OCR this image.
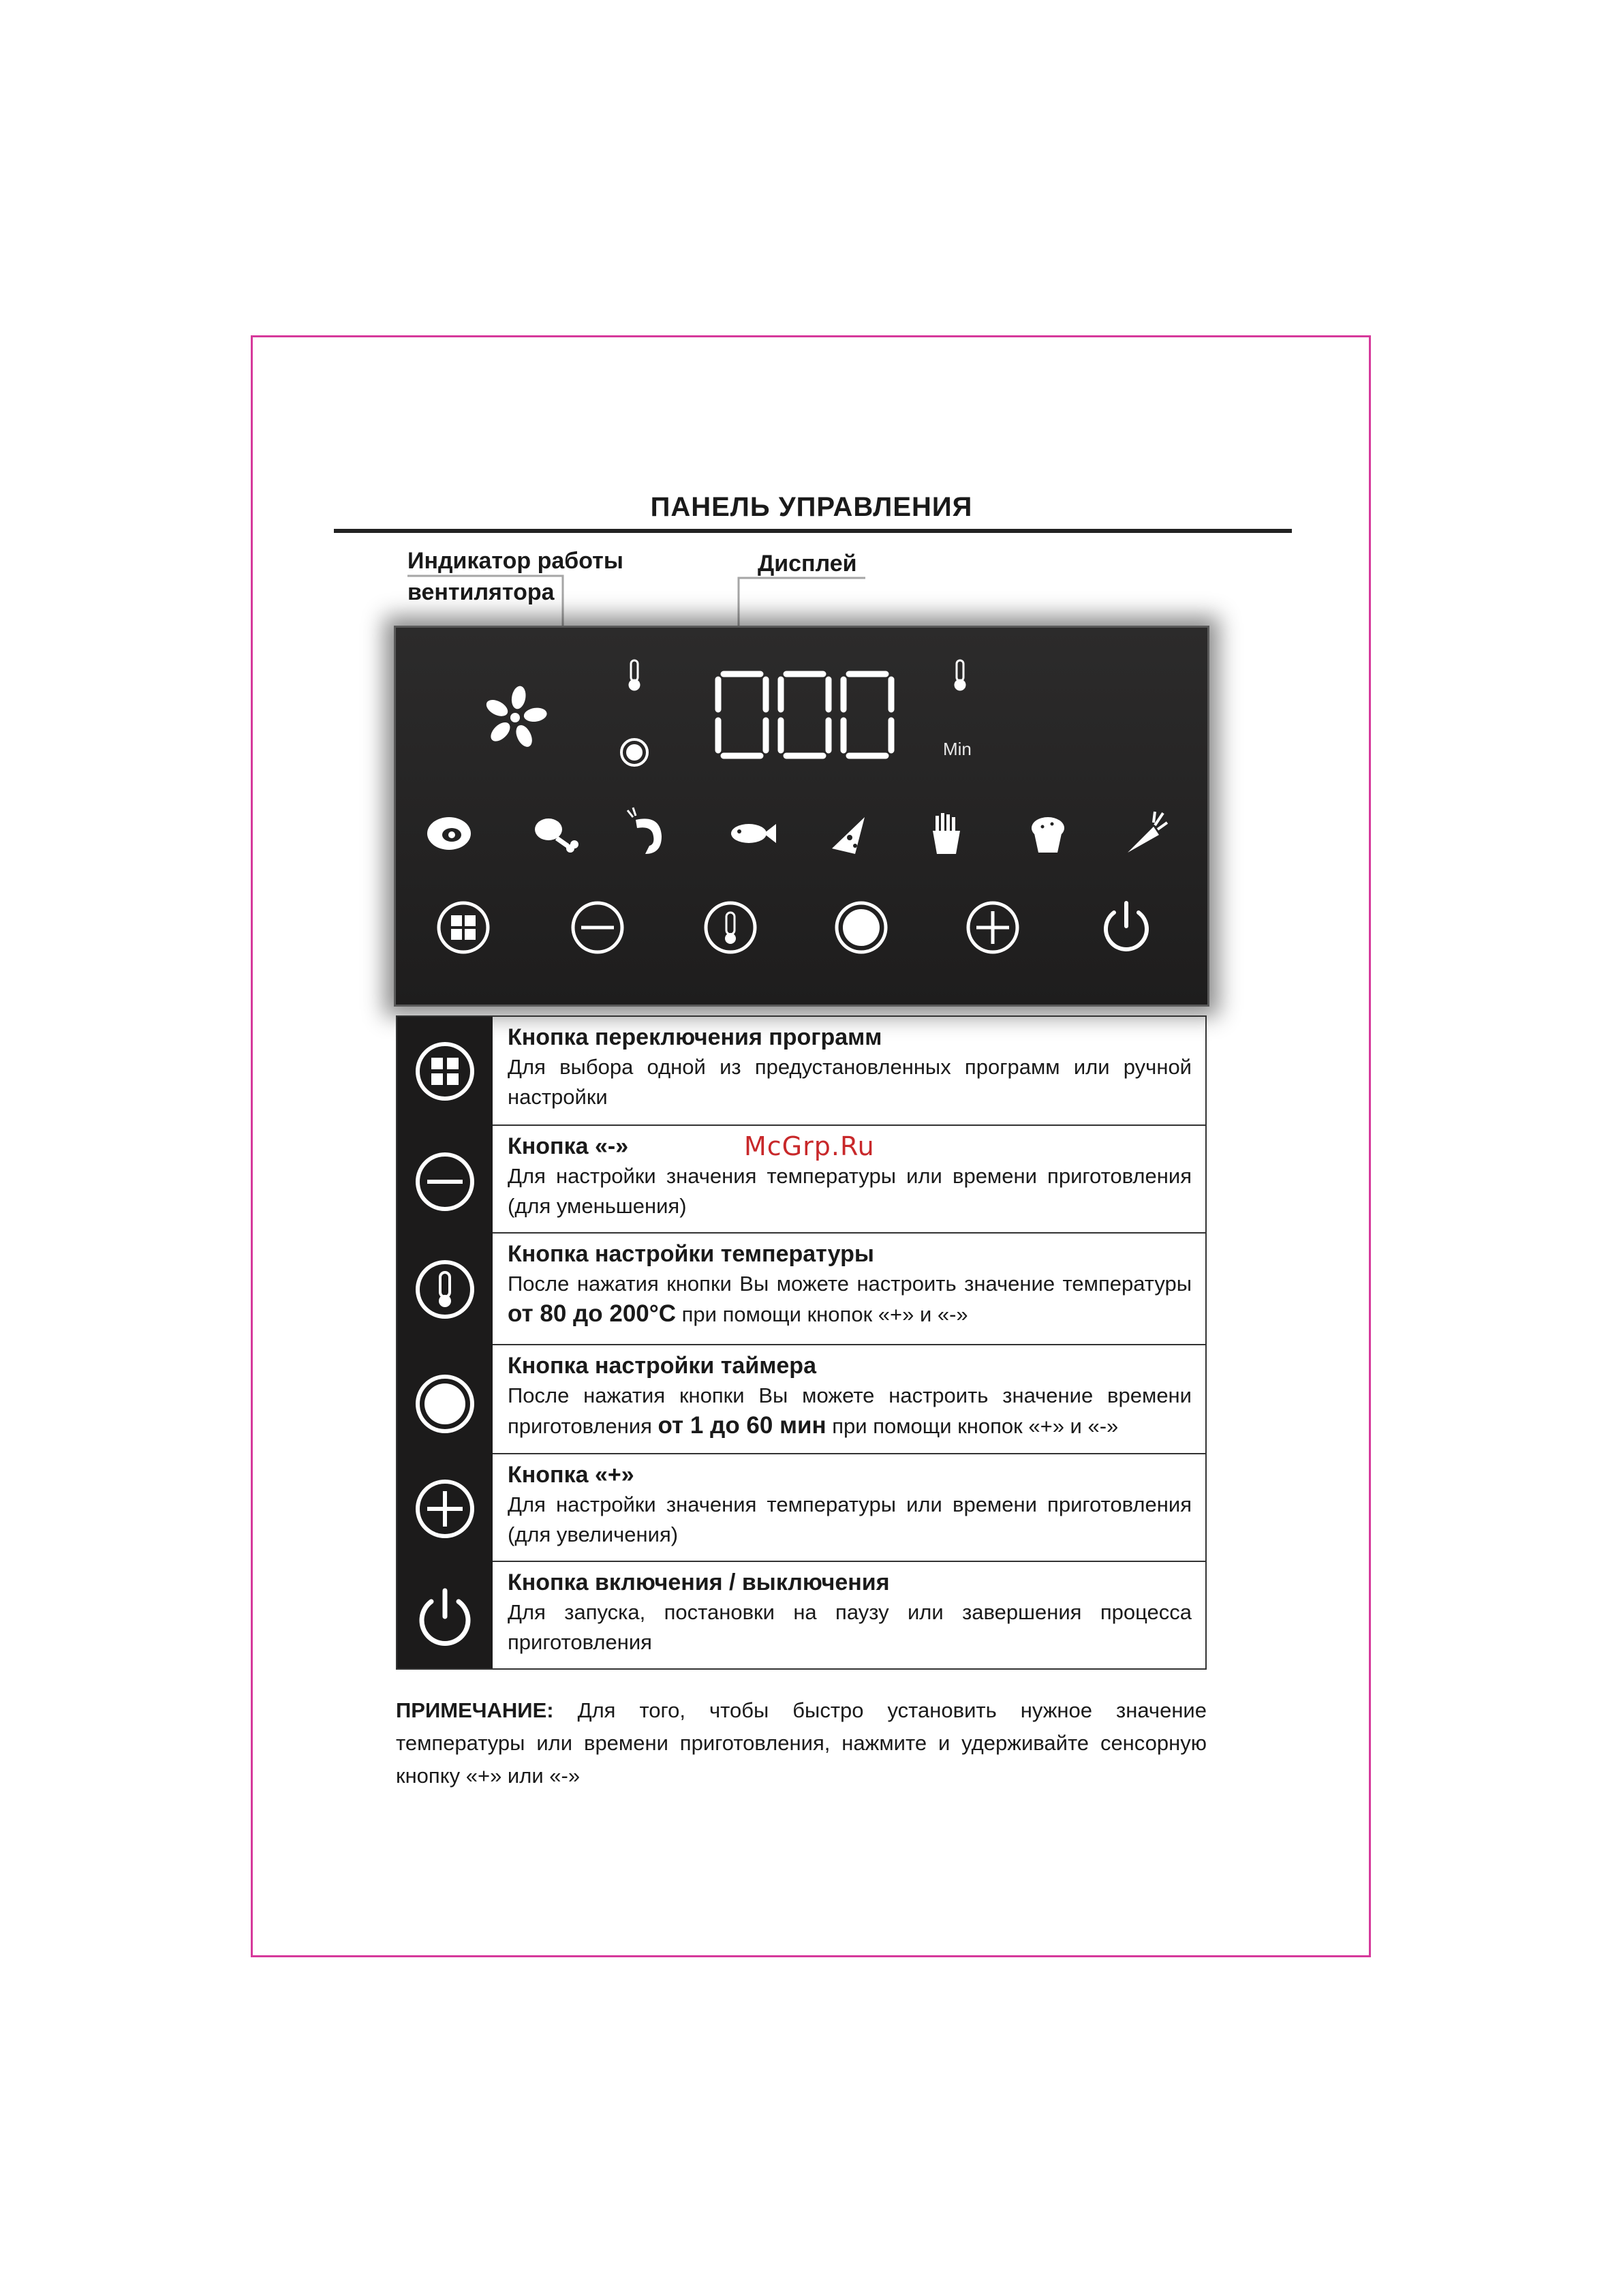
ПАНЕЛЬ УПРАВЛЕНИЯ
Индикатор работы
вентилятора
Дисплей
Min
Кнопка переключения программ
Для выбора одной из предустановленных программ или ручной настройки
Кнопка «-»
Для настройки значения температуры или времени приготовления (для уменьшения)
Кнопка настройки температуры
После нажатия кнопки Вы можете настроить значение температуры от 80 до 200°С при помощи кнопок «+» и «-»
Кнопка настройки таймера
После нажатия кнопки Вы можете настроить значение времени приготовления от 1 до 60 мин при помощи кнопок «+» и «-»
Кнопка «+»
Для настройки значения температуры или времени приготовления (для увеличения)
Кнопка включения / выключения
Для запуска, постановки на паузу или завершения процесса приготовления
McGrp.Ru
ПРИМЕЧАНИЕ: Для того, чтобы быстро установить нужное значение температуры или времени приготовления, нажмите и удерживайте сенсорную кнопку «+» или «-»
